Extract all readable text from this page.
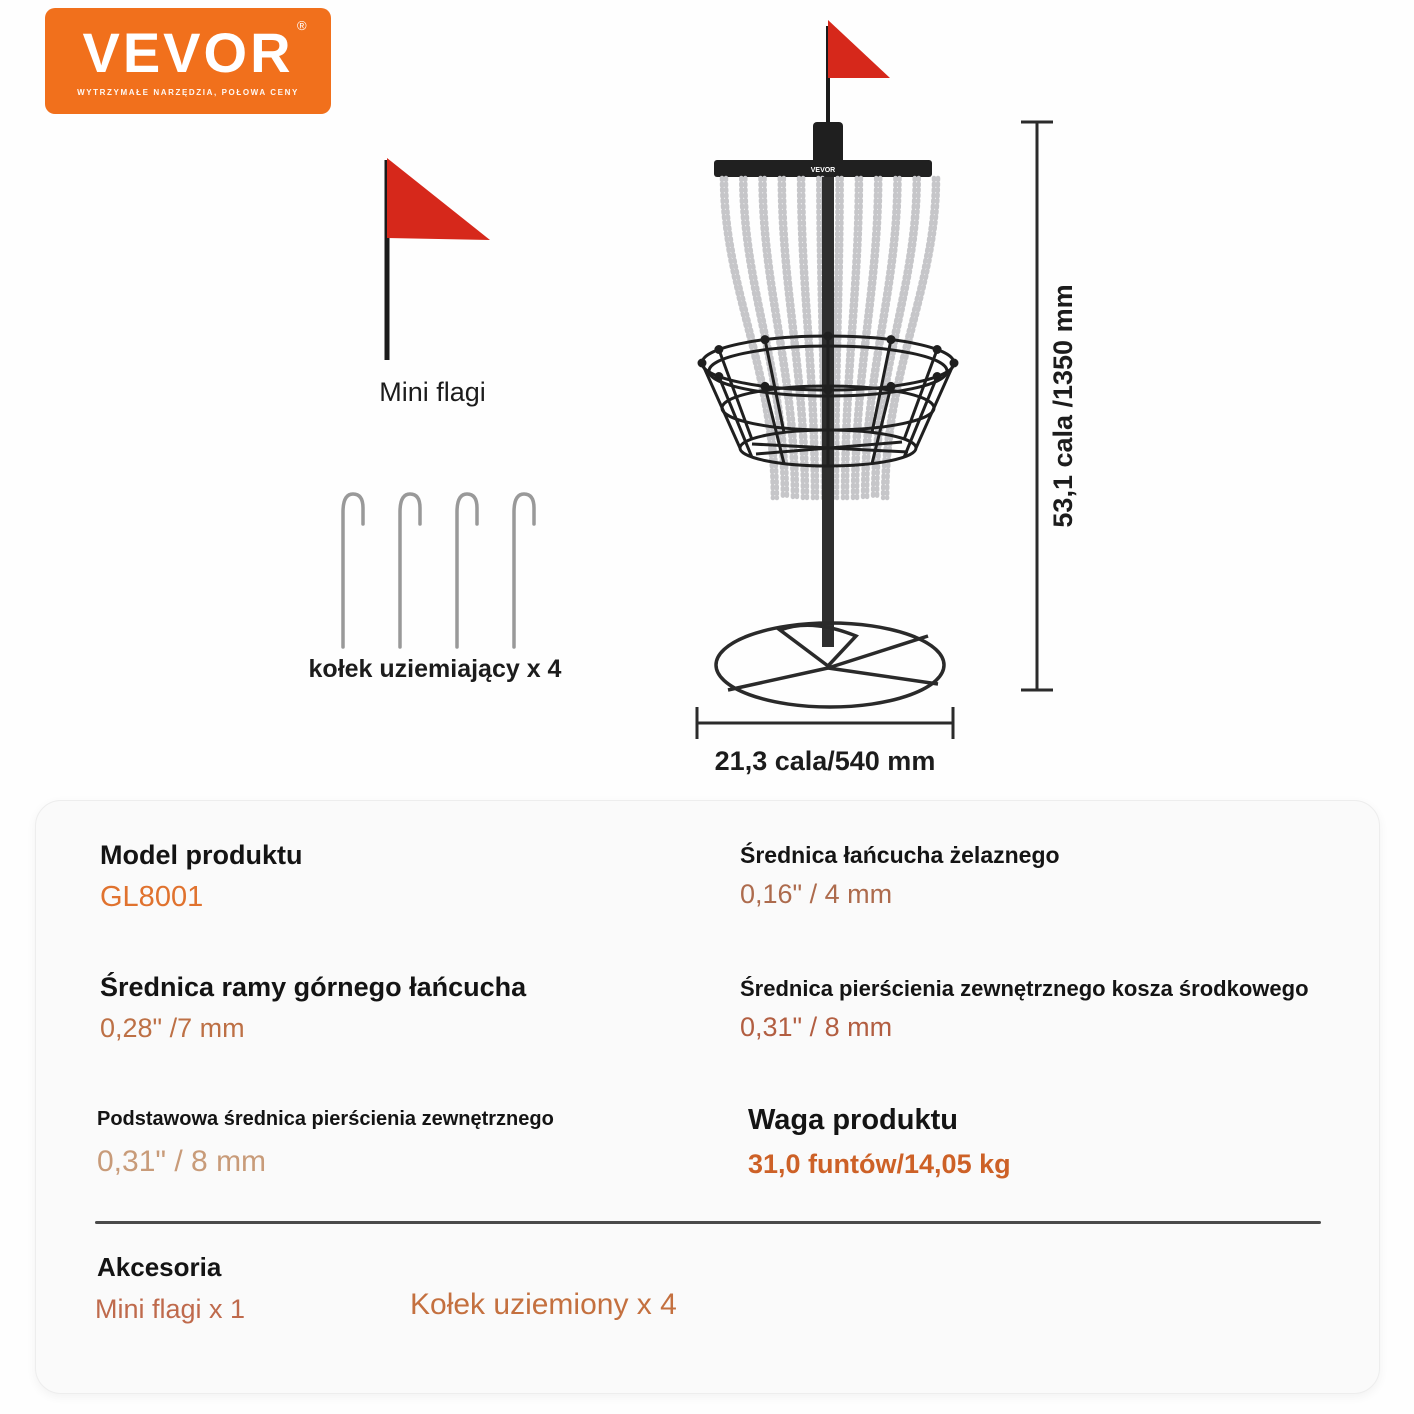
VEVOR ®
WYTRZYMAŁE NARZĘDZIA, POŁOWA CENY
Mini flagi
kołek uziemiający x 4
VEVOR
21,3 cala/540 mm
53,1 cala /1350 mm
Model produktu
GL8001
Średnica łańcucha żelaznego
0,16" / 4 mm
Średnica ramy górnego łańcucha
0,28" /7 mm
Średnica pierścienia zewnętrznego kosza środkowego
0,31" / 8 mm
Podstawowa średnica pierścienia zewnętrznego
0,31" / 8 mm
Waga produktu
31,0 funtów/14,05 kg
Akcesoria
Mini flagi x 1	Kołek uziemiony x 4
